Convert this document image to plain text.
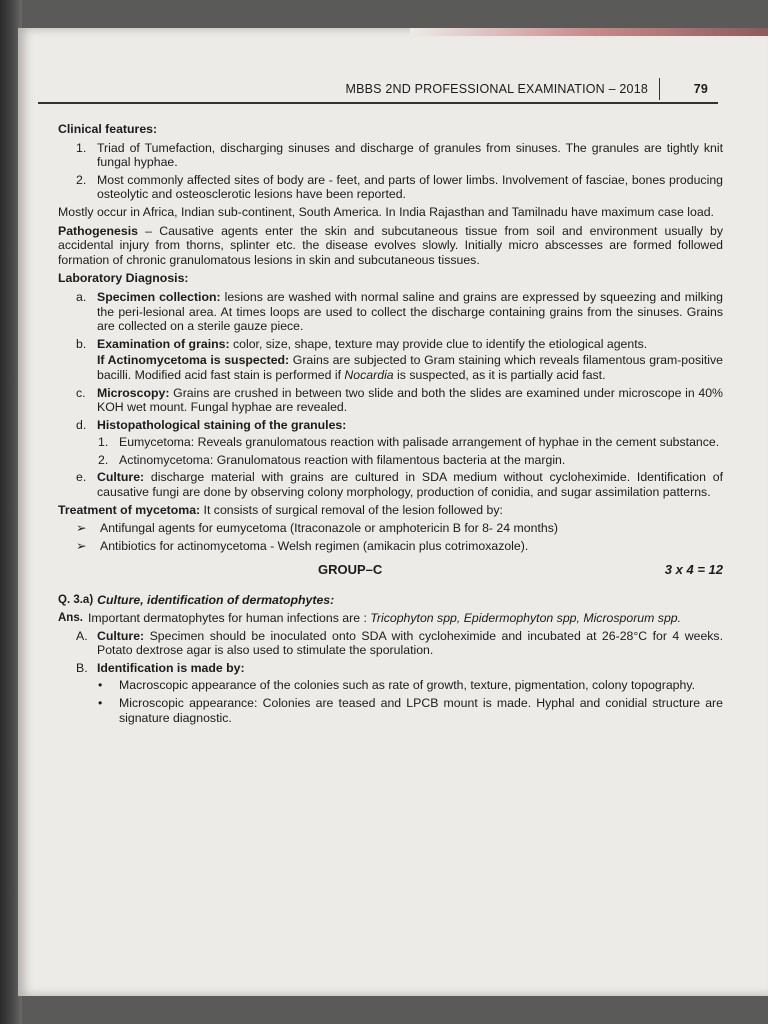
MBBS 2ND PROFESSIONAL EXAMINATION – 2018	79
Clinical features:
1. Triad of Tumefaction, discharging sinuses and discharge of granules from sinuses. The granules are tightly knit fungal hyphae.
2. Most commonly affected sites of body are - feet, and parts of lower limbs. Involvement of fasciae, bones producing osteolytic and osteosclerotic lesions have been reported.
Mostly occur in Africa, Indian sub-continent, South America. In India Rajasthan and Tamilnadu have maximum case load.
Pathogenesis – Causative agents enter the skin and subcutaneous tissue from soil and environment usually by accidental injury from thorns, splinter etc. the disease evolves slowly. Initially micro abscesses are formed followed formation of chronic granulomatous lesions in skin and subcutaneous tissues.
Laboratory Diagnosis:
a. Specimen collection: lesions are washed with normal saline and grains are expressed by squeezing and milking the peri-lesional area. At times loops are used to collect the discharge containing grains from the sinuses. Grains are collected on a sterile gauze piece.
b. Examination of grains: color, size, shape, texture may provide clue to identify the etiological agents.
If Actinomycetoma is suspected: Grains are subjected to Gram staining which reveals filamentous gram-positive bacilli. Modified acid fast stain is performed if Nocardia is suspected, as it is partially acid fast.
c. Microscopy: Grains are crushed in between two slide and both the slides are examined under microscope in 40% KOH wet mount. Fungal hyphae are revealed.
d. Histopathological staining of the granules:
1. Eumycetoma: Reveals granulomatous reaction with palisade arrangement of hyphae in the cement substance.
2. Actinomycetoma: Granulomatous reaction with filamentous bacteria at the margin.
e. Culture: discharge material with grains are cultured in SDA medium without cycloheximide. Identification of causative fungi are done by observing colony morphology, production of conidia, and sugar assimilation patterns.
Treatment of mycetoma: It consists of surgical removal of the lesion followed by:
➢	Antifungal agents for eumycetoma (Itraconazole or amphotericin B for 8- 24 months)
➢	Antibiotics for actinomycetoma - Welsh regimen (amikacin plus cotrimoxazole).
GROUP–C	3 x 4 = 12
Q. 3.a) Culture, identification of dermatophytes:
Ans. Important dermatophytes for human infections are : Tricophyton spp, Epidermophyton spp, Microsporum spp.
A. Culture: Specimen should be inoculated onto SDA with cycloheximide and incubated at 26-28°C for 4 weeks. Potato dextrose agar is also used to stimulate the sporulation.
B. Identification is made by:
•	Macroscopic appearance of the colonies such as rate of growth, texture, pigmentation, colony topography.
•	Microscopic appearance: Colonies are teased and LPCB mount is made. Hyphal and conidial structure are signature diagnostic.
